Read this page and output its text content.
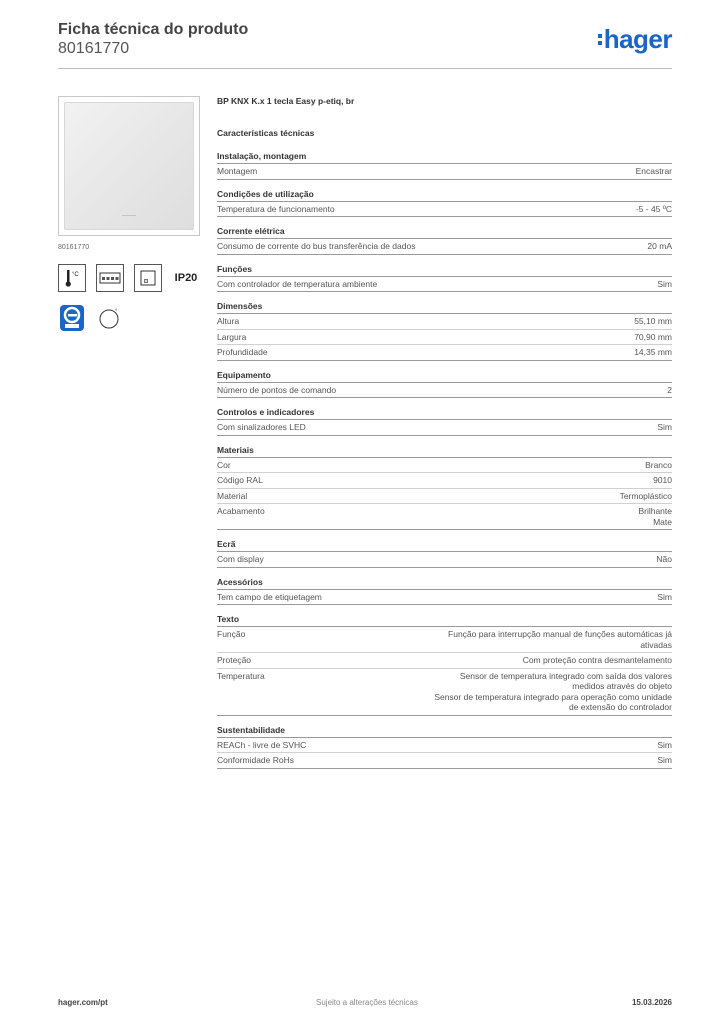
Ficha técnica do produto
80161770	hager
80161770
°C	IP20
°
BP KNX K.x 1 tecla Easy p-etiq, br
Características técnicas
Instalação, montagem
Montagem	Encastrar
Condições de utilização
Temperatura de funcionamento	-5 - 45 ºC
Corrente elétrica
Consumo de corrente do bus transferência de dados	20 mA
Funções
Com controlador de temperatura ambiente	Sim
Dimensões
Altura	55,10 mm
Largura	70,90 mm
Profundidade	14,35 mm
Equipamento
Número de pontos de comando	2
Controlos e indicadores
Com sinalizadores LED	Sim
Materiais
Cor	Branco
Código RAL	9010
Material	Termoplástico
Acabamento	Brilhante
Mate
Ecrã
Com display	Não
Acessórios
Tem campo de etiquetagem	Sim
Texto
Função	Função para interrupção manual de funções automáticas já ativadas
Proteção	Com proteção contra desmantelamento
Temperatura	Sensor de temperatura integrado com saída dos valores medidos através do objeto
Sensor de temperatura integrado para operação como unidade de extensão do controlador
Sustentabilidade
REACh - livre de SVHC	Sim
Conformidade RoHs	Sim
hager.com/pt	Sujeito a alterações técnicas	15.03.2026
